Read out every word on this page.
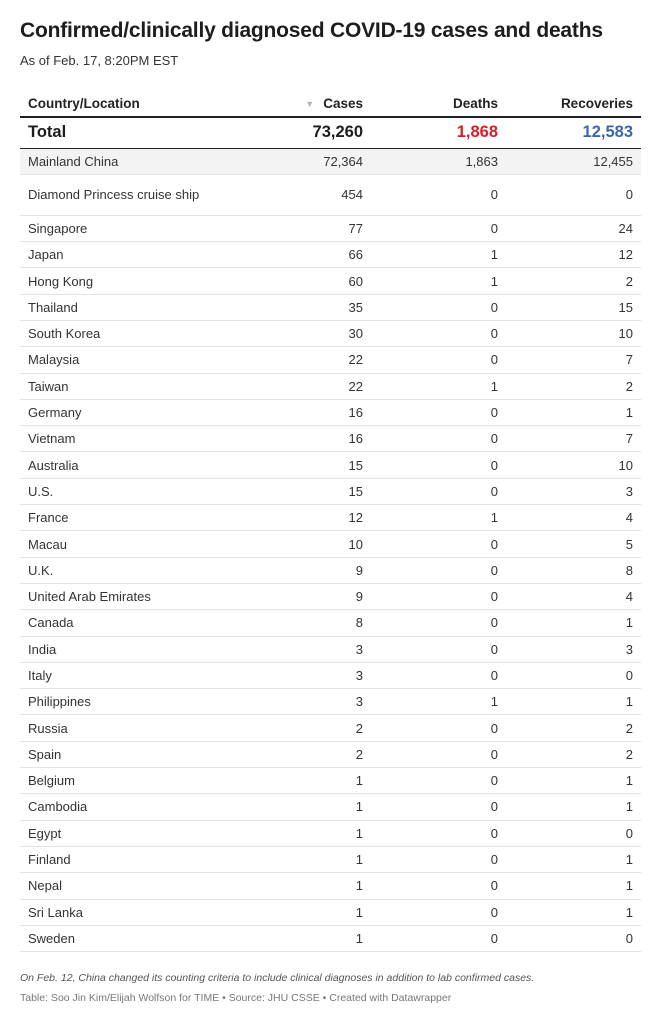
Confirmed/clinically diagnosed COVID-19 cases and deaths
As of Feb. 17, 8:20PM EST
Country/Location	▼ Cases	Deaths	Recoveries
Total	73,260	1,868	12,583
Mainland China	72,364	1,863	12,455
Diamond Princess cruise ship	454	0	0
Singapore	77	0	24
Japan	66	1	12
Hong Kong	60	1	2
Thailand	35	0	15
South Korea	30	0	10
Malaysia	22	0	7
Taiwan	22	1	2
Germany	16	0	1
Vietnam	16	0	7
Australia	15	0	10
U.S.	15	0	3
France	12	1	4
Macau	10	0	5
U.K.	9	0	8
United Arab Emirates	9	0	4
Canada	8	0	1
India	3	0	3
Italy	3	0	0
Philippines	3	1	1
Russia	2	0	2
Spain	2	0	2
Belgium	1	0	1
Cambodia	1	0	1
Egypt	1	0	0
Finland	1	0	1
Nepal	1	0	1
Sri Lanka	1	0	1
Sweden	1	0	0
On Feb. 12, China changed its counting criteria to include clinical diagnoses in addition to lab confirmed cases.
Table: Soo Jin Kim/Elijah Wolfson for TIME • Source: JHU CSSE • Created with Datawrapper
